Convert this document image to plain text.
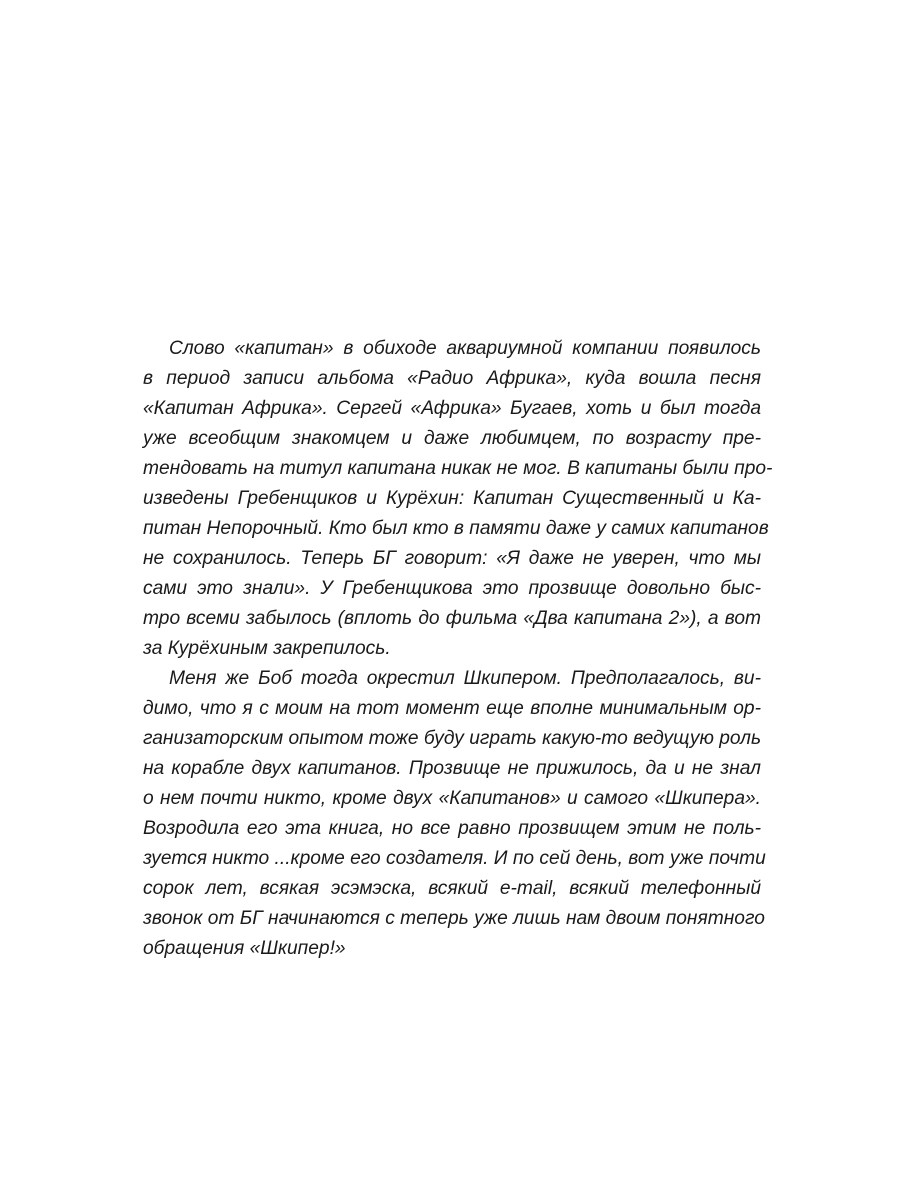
Слово «капитан» в обиходе аквариумной компании появилось
в период записи альбома «Радио Африка», куда вошла песня
«Капитан Африка». Сергей «Африка» Бугаев, хоть и был тогда
уже всеобщим знакомцем и даже любимцем, по возрасту пре-
тендовать на титул капитана никак не мог. В капитаны были про-
изведены Гребенщиков и Курёхин: Капитан Существенный и Ка-
питан Непорочный. Кто был кто в памяти даже у самих капитанов
не сохранилось. Теперь БГ говорит: «Я даже не уверен, что мы
сами это знали». У Гребенщикова это прозвище довольно быс-
тро всеми забылось (вплоть до фильма «Два капитана 2»), а вот
за Курёхиным закрепилось.
Меня же Боб тогда окрестил Шкипером. Предполагалось, ви-
димо, что я с моим на тот момент еще вполне минимальным ор-
ганизаторским опытом тоже буду играть какую-то ведущую роль
на корабле двух капитанов. Прозвище не прижилось, да и не знал
о нем почти никто, кроме двух «Капитанов» и самого «Шкипера».
Возродила его эта книга, но все равно прозвищем этим не поль-
зуется никто ...кроме его создателя. И по сей день, вот уже почти
сорок лет, всякая эсэмэска, всякий e-mail, всякий телефонный
звонок от БГ начинаются с теперь уже лишь нам двоим понятного
обращения «Шкипер!»
